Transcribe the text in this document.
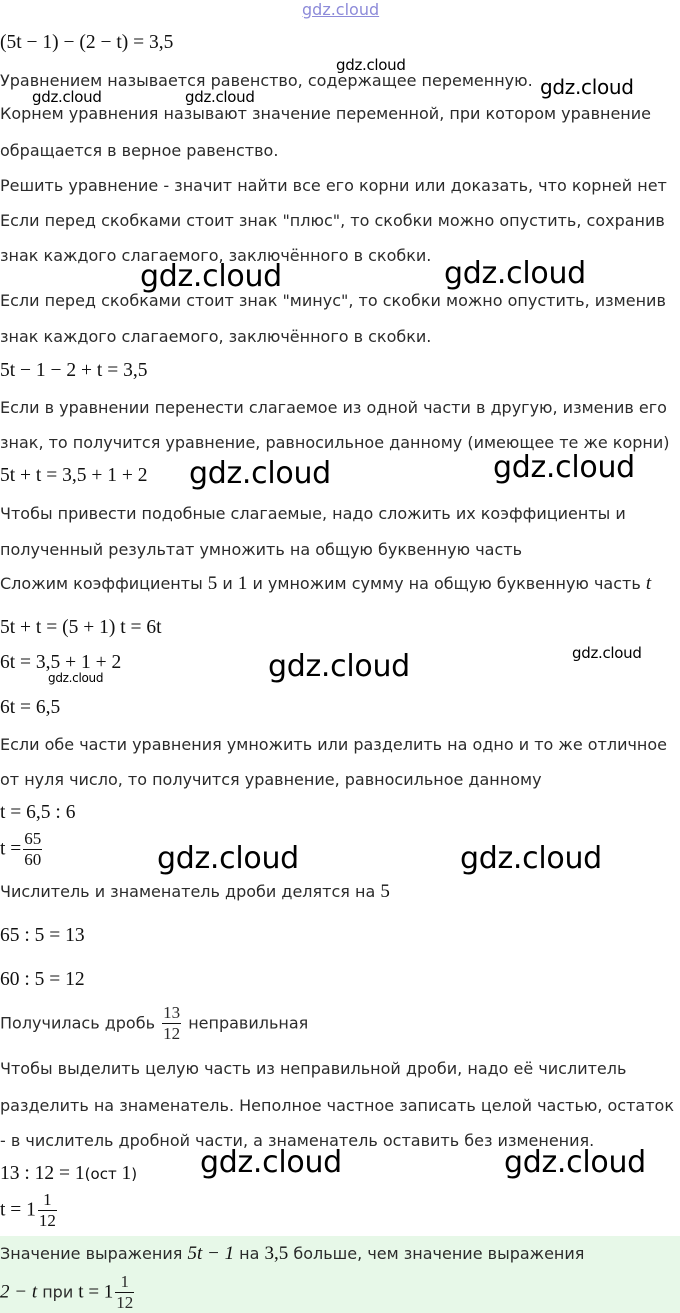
gdz.cloud
(5t − 1) − (2 − t) = 3,5
Уравнением называется равенство, содержащее переменную.
Корнем уравнения называют значение переменной, при котором уравнение
обращается в верное равенство.
Решить уравнение - значит найти все его корни или доказать, что корней нет
Если перед скобками стоит знак "плюс", то скобки можно опустить, сохранив
знак каждого слагаемого, заключённого в скобки.
Если перед скобками стоит знак "минус", то скобки можно опустить, изменив
знак каждого слагаемого, заключённого в скобки.
5t − 1 − 2 + t = 3,5
Если в уравнении перенести слагаемое из одной части в другую, изменив его
знак, то получится уравнение, равносильное данному (имеющее те же корни)
5t + t = 3,5 + 1 + 2
Чтобы привести подобные слагаемые, надо сложить их коэффициенты и
полученный результат умножить на общую буквенную часть
Сложим коэффициенты 5 и 1 и умножим сумму на общую буквенную часть t
5t + t = (5 + 1) t = 6t
6t = 3,5 + 1 + 2
6t = 6,5
Если обе части уравнения умножить или разделить на одно и то же отличное
от нуля число, то получится уравнение, равносильное данному
t = 6,5 : 6
$t = \frac{65}{60}$
Числитель и знаменатель дроби делятся на 5
65 : 5 = 13
60 : 5 = 12
Получилась дробь $\frac{13}{12}$ неправильная
Чтобы выделить целую часть из неправильной дроби, надо её числитель
разделить на знаменатель. Неполное частное записать целой частью, остаток
- в числитель дробной части, а знаменатель оставить без изменения.
13 : 12 = 1(ост 1)
$t = 1 \frac{1}{12}$
Значение выражения 5t − 1 на 3,5 больше, чем значение выражения
2 − t при $t = 1 \frac{1}{12}$
gdz.cloud
gdz.cloud
gdz.cloud	gdz.cloud
gdz.cloud	gdz.cloud
gdz.cloud	gdz.cloud
gdz.cloud
gdz.cloud
gdz.cloud
gdz.cloud	gdz.cloud
gdz.cloud	gdz.cloud
